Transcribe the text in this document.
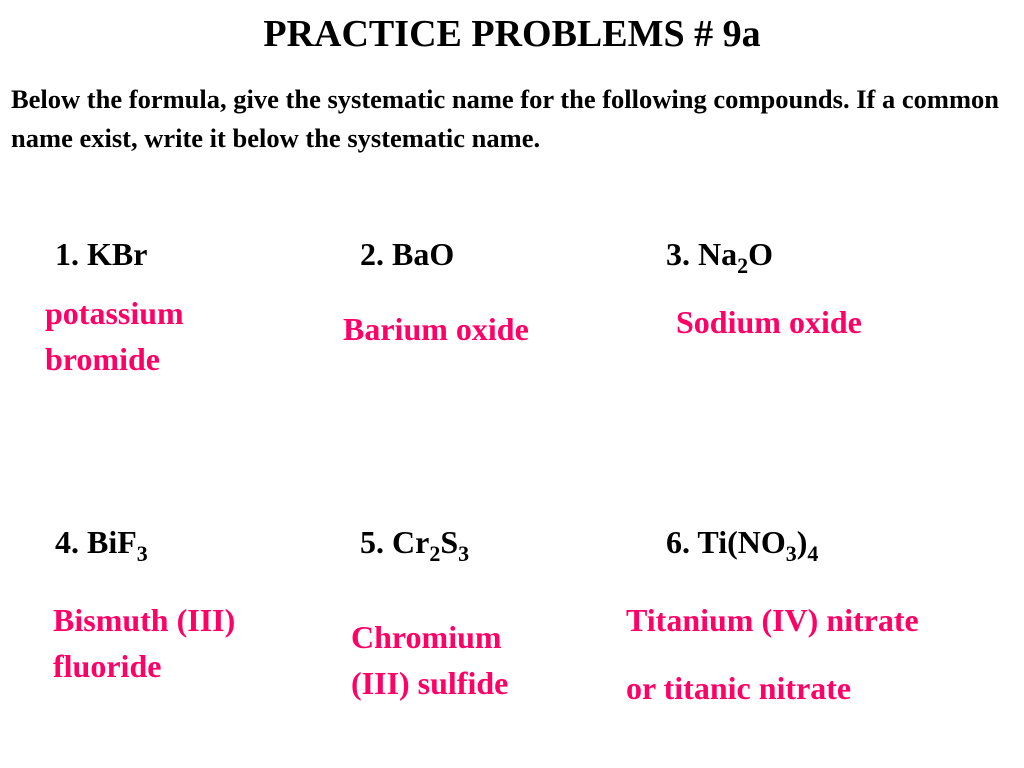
PRACTICE PROBLEMS # 9a

Below the formula, give the systematic name for the following compounds. If a common name exist, write it below the systematic name.

1. KBr	2. BaO	3. $Na_2O$
4. BiF$_3$	5. $Cr_2S_3$	6. $Ti(NO_3)_4$
potassium
bromide
Barium oxide	Sodium oxide
Bismuth (III)
fluoride
Chromium
(III) sulfide
Titanium (IV) nitrate
or titanic nitrate
